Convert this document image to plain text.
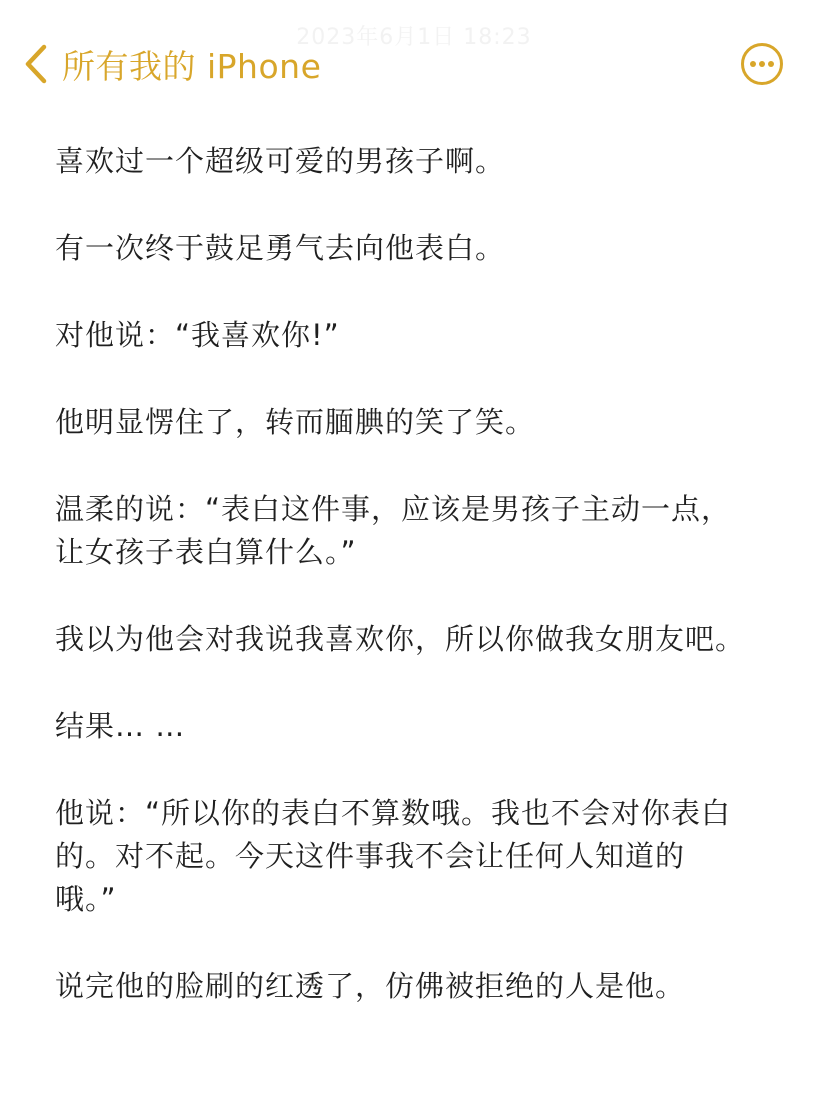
2023年6月1日 18:23
所有我的 iPhone

喜欢过一个超级可爱的男孩子啊。

有一次终于鼓足勇气去向他表白。

对他说：“我喜欢你!”

他明显愣住了，转而腼腆的笑了笑。

温柔的说：“表白这件事，应该是男孩子主动一点，
让女孩子表白算什么。”

我以为他会对我说我喜欢你，所以你做我女朋友吧。

结果… …

他说：“所以你的表白不算数哦。我也不会对你表白
的。对不起。今天这件事我不会让任何人知道的
哦。”

说完他的脸刷的红透了，仿佛被拒绝的人是他。
